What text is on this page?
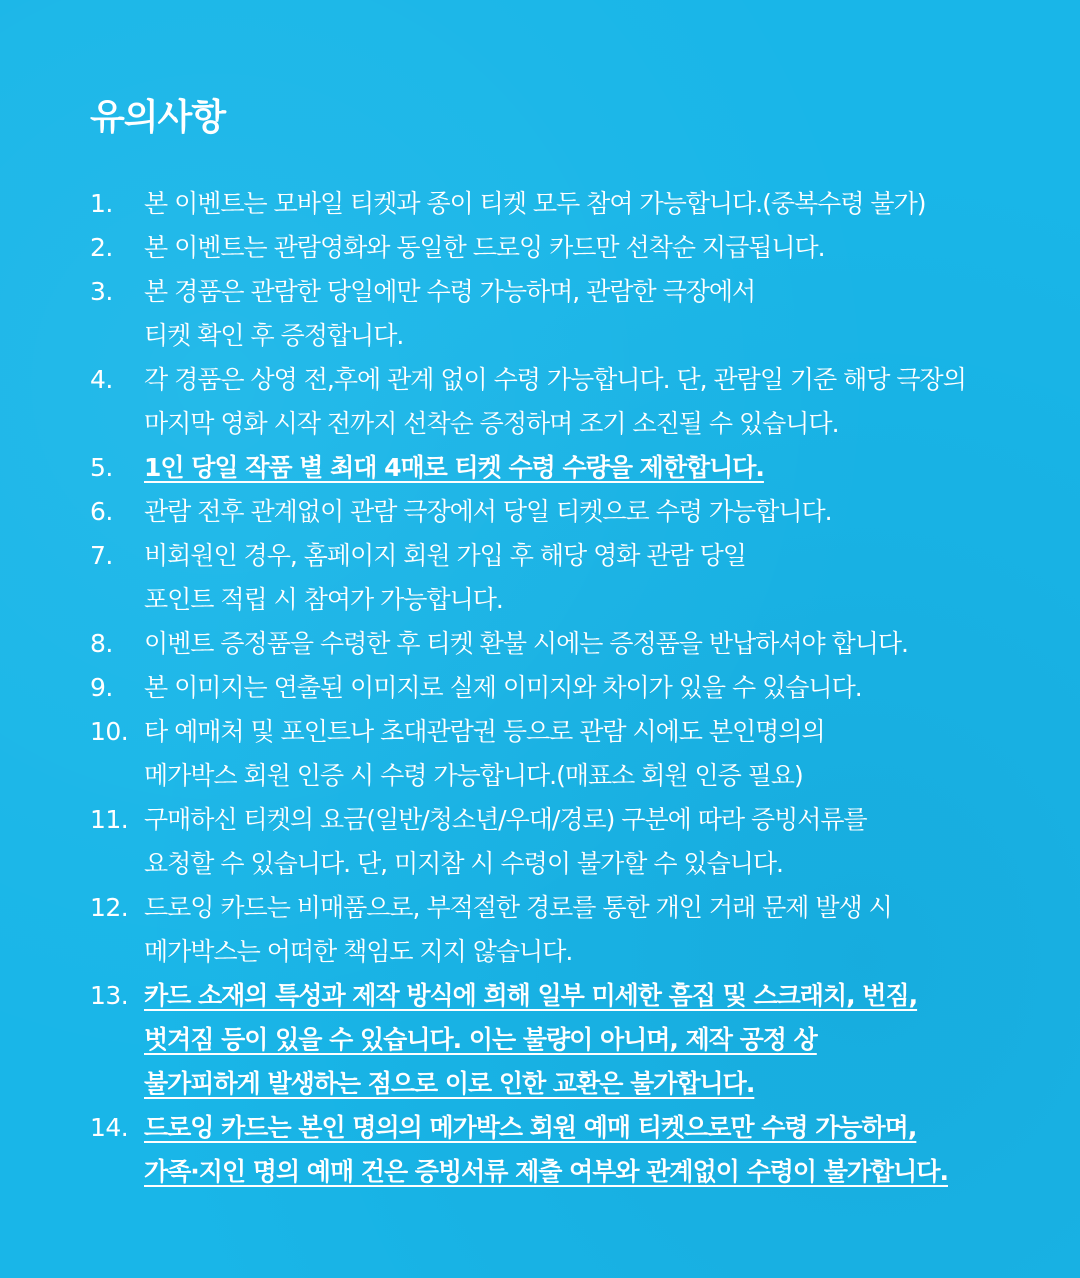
유의사항
1.	본 이벤트는 모바일 티켓과 종이 티켓 모두 참여 가능합니다.(중복수령 불가)
2.	본 이벤트는 관람영화와 동일한 드로잉 카드만 선착순 지급됩니다.
3.	본 경품은 관람한 당일에만 수령 가능하며, 관람한 극장에서
티켓 확인 후 증정합니다.
4.	각 경품은 상영 전,후에 관계 없이 수령 가능합니다. 단, 관람일 기준 해당 극장의
마지막 영화 시작 전까지 선착순 증정하며 조기 소진될 수 있습니다.
5.	1인 당일 작품 별 최대 4매로 티켓 수령 수량을 제한합니다.
6.	관람 전후 관계없이 관람 극장에서 당일 티켓으로 수령 가능합니다.
7.	비회원인 경우, 홈페이지 회원 가입 후 해당 영화 관람 당일
포인트 적립 시 참여가 가능합니다.
8.	이벤트 증정품을 수령한 후 티켓 환불 시에는 증정품을 반납하셔야 합니다.
9.	본 이미지는 연출된 이미지로 실제 이미지와 차이가 있을 수 있습니다.
10. 타 예매처 및 포인트나 초대관람권 등으로 관람 시에도 본인명의의
메가박스 회원 인증 시 수령 가능합니다.(매표소 회원 인증 필요)
11. 구매하신 티켓의 요금(일반/청소년/우대/경로) 구분에 따라 증빙서류를
요청할 수 있습니다. 단, 미지참 시 수령이 불가할 수 있습니다.
12. 드로잉 카드는 비매품으로, 부적절한 경로를 통한 개인 거래 문제 발생 시
메가박스는 어떠한 책임도 지지 않습니다.
13. 카드 소재의 특성과 제작 방식에 희해 일부 미세한 흠집 및 스크래치, 번짐,
벗겨짐 등이 있을 수 있습니다. 이는 불량이 아니며, 제작 공정 상
불가피하게 발생하는 점으로 이로 인한 교환은 불가합니다.
14. 드로잉 카드는 본인 명의의 메가박스 회원 예매 티켓으로만 수령 가능하며,
가족·지인 명의 예매 건은 증빙서류 제출 여부와 관계없이 수령이 불가합니다.
